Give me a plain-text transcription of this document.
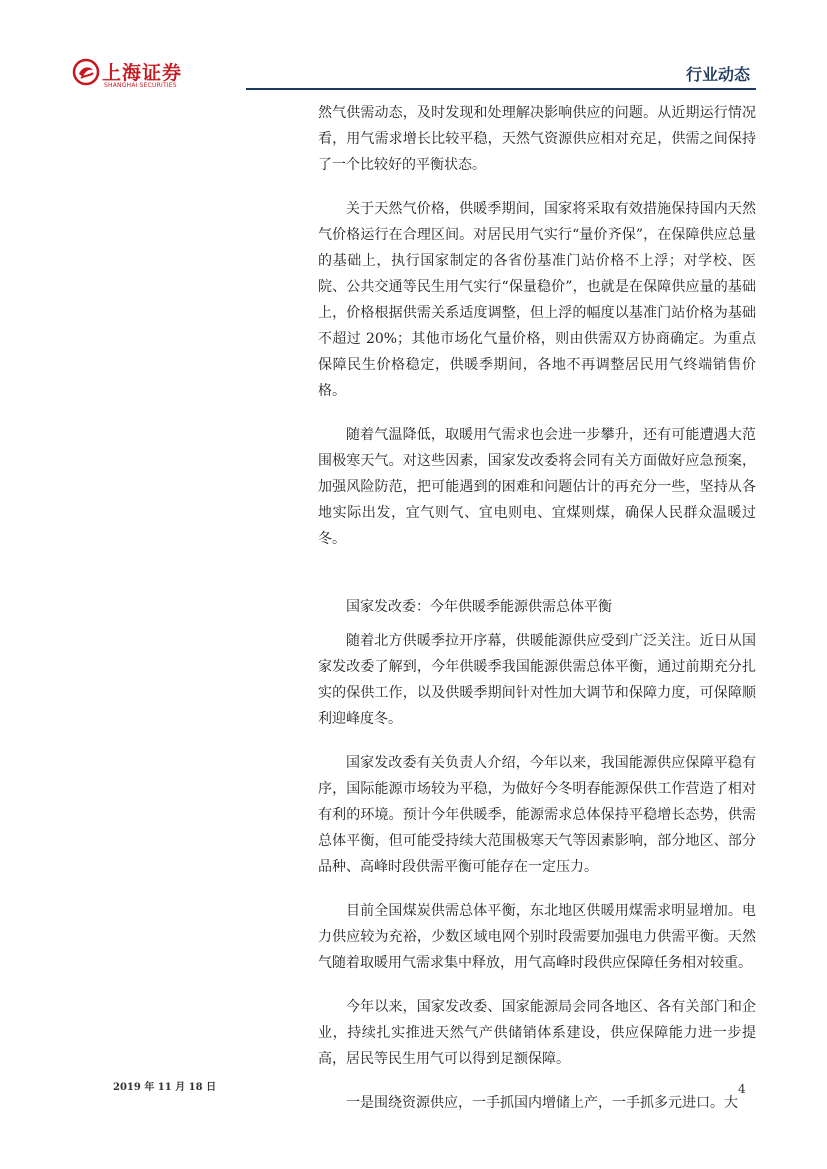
上海证券
SHANGHAI SECURITIES
行业动态

然气供需动态，及时发现和处理解决影响供应的问题。从近期运行情况看，用气需求增长比较平稳，天然气资源供应相对充足，供需之间保持了一个比较好的平衡状态。

关于天然气价格，供暖季期间，国家将采取有效措施保持国内天然气价格运行在合理区间。对居民用气实行“量价齐保”，在保障供应总量的基础上，执行国家制定的各省份基准门站价格不上浮；对学校、医院、公共交通等民生用气实行“保量稳价”，也就是在保障供应量的基础上，价格根据供需关系适度调整，但上浮的幅度以基准门站价格为基础不超过 20%；其他市场化气量价格，则由供需双方协商确定。为重点保障民生价格稳定，供暖季期间，各地不再调整居民用气终端销售价格。

随着气温降低，取暖用气需求也会进一步攀升，还有可能遭遇大范围极寒天气。对这些因素，国家发改委将会同有关方面做好应急预案，加强风险防范，把可能遇到的困难和问题估计的再充分一些，坚持从各地实际出发，宜气则气、宜电则电、宜煤则煤，确保人民群众温暖过冬。

国家发改委：今年供暖季能源供需总体平衡

随着北方供暖季拉开序幕，供暖能源供应受到广泛关注。近日从国家发改委了解到，今年供暖季我国能源供需总体平衡，通过前期充分扎实的保供工作，以及供暖季期间针对性加大调节和保障力度，可保障顺利迎峰度冬。

国家发改委有关负责人介绍，今年以来，我国能源供应保障平稳有序，国际能源市场较为平稳，为做好今冬明春能源保供工作营造了相对有利的环境。预计今年供暖季，能源需求总体保持平稳增长态势，供需总体平衡，但可能受持续大范围极寒天气等因素影响，部分地区、部分品种、高峰时段供需平衡可能存在一定压力。

目前全国煤炭供需总体平衡，东北地区供暖用煤需求明显增加。电力供应较为充裕，少数区域电网个别时段需要加强电力供需平衡。天然气随着取暖用气需求集中释放，用气高峰时段供应保障任务相对较重。

今年以来，国家发改委、国家能源局会同各地区、各有关部门和企业，持续扎实推进天然气产供储销体系建设，供应保障能力进一步提高，居民等民生用气可以得到足额保障。

一是围绕资源供应，一手抓国内增储上产，一手抓多元进口。大

2019 年 11 月 18 日	4
